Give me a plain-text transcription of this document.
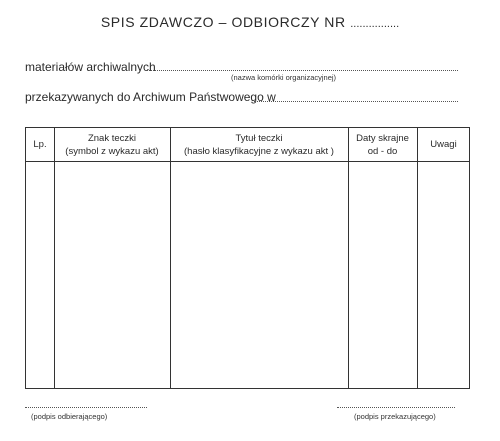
SPIS ZDAWCZO – ODBIORCZY NR ................
materiałów archiwalnych
(nazwa komórki organizacyjnej)
przekazywanych do Archiwum Państwowego w
Lp.
Znak teczki
(symbol z wykazu akt)
Tytuł teczki
(hasło klasyfikacyjne z wykazu akt )
Daty skrajne
od - do
Uwagi
(podpis odbierającego)	(podpis przekazującego)
